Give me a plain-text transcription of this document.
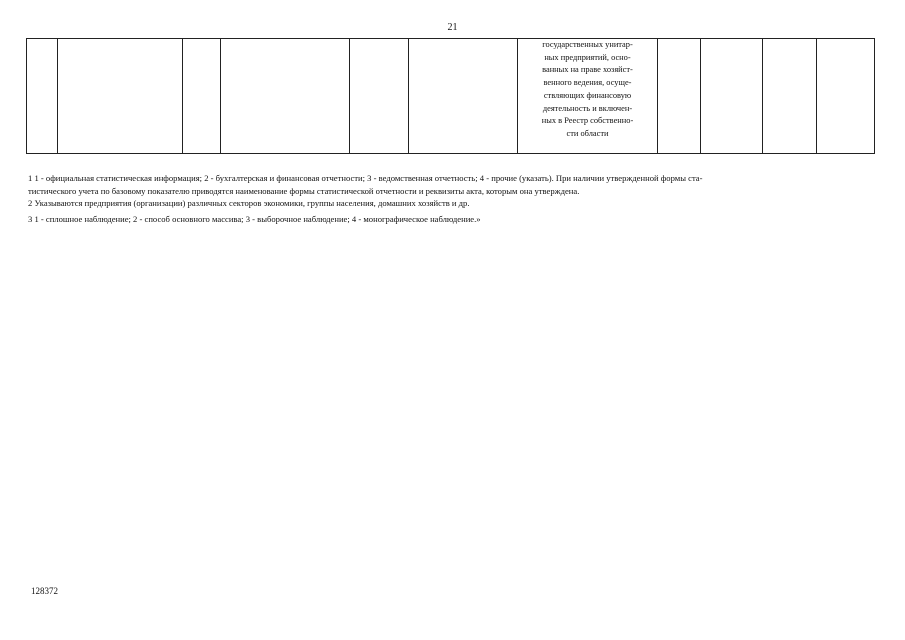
21

государственных унитар-
ных предприятий, осно-
ванных на праве хозяйст-
венного ведения, осуще-
ствляющих финансовую
деятельность и включен-
ных в Реестр собственно-
сти области

1 1 - официальная статистическая информация; 2 - бухгалтерская и финансовая отчетности; 3 - ведомственная отчетность; 4 - прочие (указать). При наличии утвержденной формы ста-

тистического учета по базовому показателю приводятся наименование формы статистической отчетности и реквизиты акта, которым она утверждена.

2 Указываются предприятия (организации) различных секторов экономики, группы населения, домашних хозяйств и др.

3 1 - сплошное наблюдение; 2 - способ основного массива; 3 - выборочное наблюдение; 4 - монографическое наблюдение.»

128372
